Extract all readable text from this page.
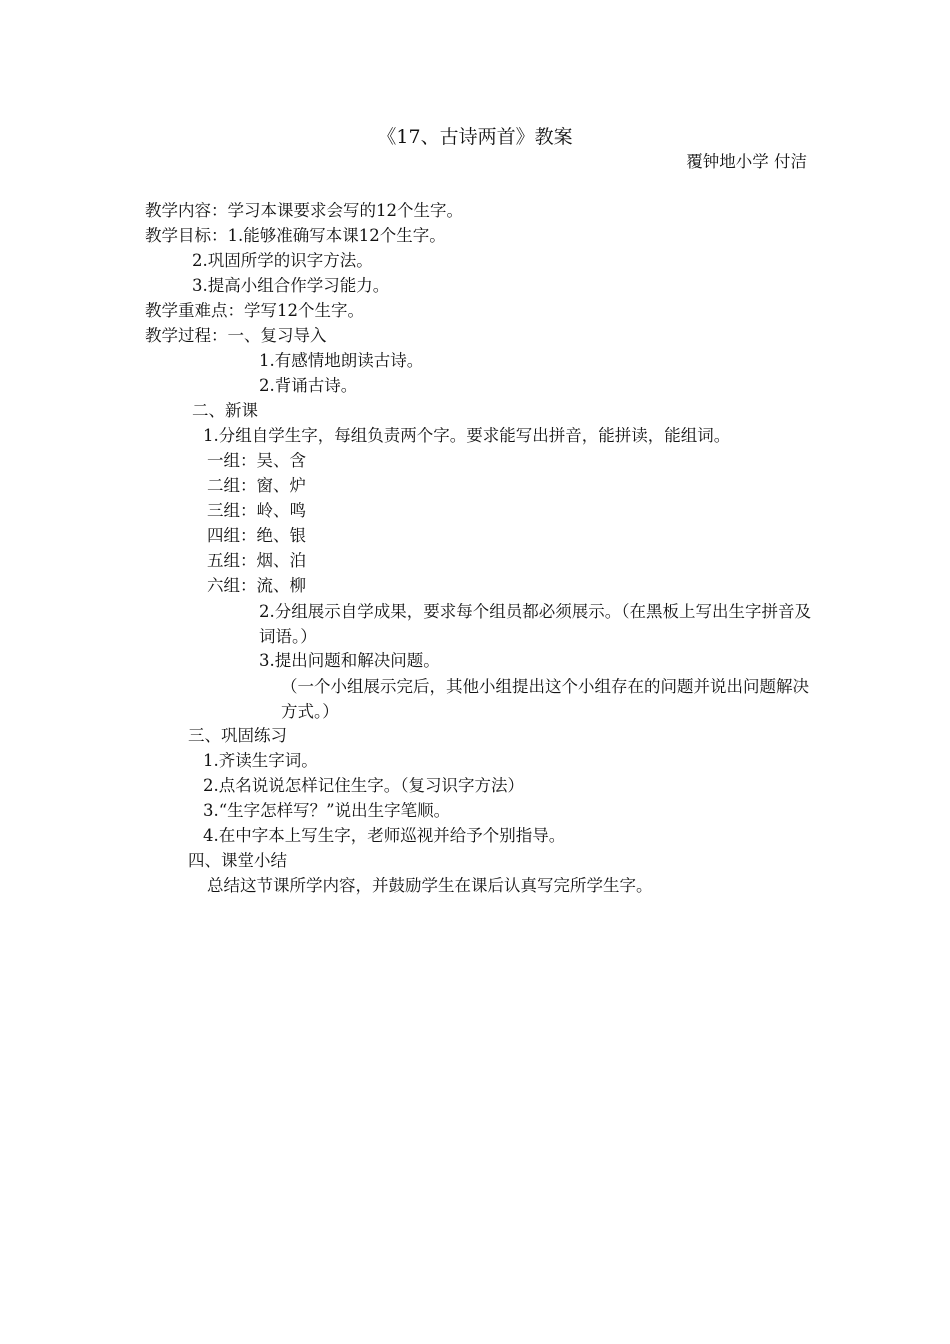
《17、古诗两首》教案
覆钟地小学 付洁
教学内容：学习本课要求会写的12个生字。
教学目标：1.能够准确写本课12个生字。
2.巩固所学的识字方法。
3.提高小组合作学习能力。
教学重难点：学写12个生字。
教学过程：一、复习导入
1.有感情地朗读古诗。
2.背诵古诗。
二、新课
1.分组自学生字，每组负责两个字。要求能写出拼音，能拼读，能组词。
一组：吴、含
二组：窗、炉
三组：岭、鸣
四组：绝、银
五组：烟、泊
六组：流、柳
2.分组展示自学成果，要求每个组员都必须展示。（在黑板上写出生字拼音及词语。）
3.提出问题和解决问题。
（一个小组展示完后，其他小组提出这个小组存在的问题并说出问题解决方式。）
三、巩固练习
1.齐读生字词。
2.点名说说怎样记住生字。（复习识字方法）
3.“生字怎样写？”说出生字笔顺。
4.在中字本上写生字，老师巡视并给予个别指导。
四、课堂小结
总结这节课所学内容，并鼓励学生在课后认真写完所学生字。
